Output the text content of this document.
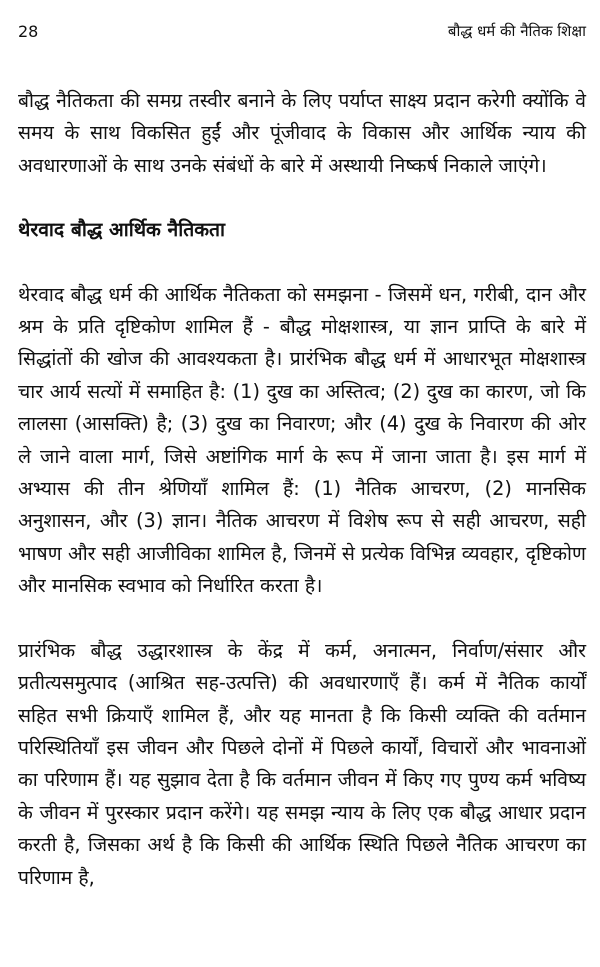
28	बौद्ध धर्म की नैतिक शिक्षा

बौद्ध नैतिकता की समग्र तस्वीर बनाने के लिए पर्याप्त साक्ष्य प्रदान करेगी क्योंकि वे समय के साथ विकसित हुईं और पूंजीवाद के विकास और आर्थिक न्याय की अवधारणाओं के साथ उनके संबंधों के बारे में अस्थायी निष्कर्ष निकाले जाएंगे।

थेरवाद बौद्ध आर्थिक नैतिकता

थेरवाद बौद्ध धर्म की आर्थिक नैतिकता को समझना - जिसमें धन, गरीबी, दान और श्रम के प्रति दृष्टिकोण शामिल हैं - बौद्ध मोक्षशास्त्र, या ज्ञान प्राप्ति के बारे में सिद्धांतों की खोज की आवश्यकता है। प्रारंभिक बौद्ध धर्म में आधारभूत मोक्षशास्त्र चार आर्य सत्यों में समाहित है: (1) दुख का अस्तित्व; (2) दुख का कारण, जो कि लालसा (आसक्ति) है; (3) दुख का निवारण; और (4) दुख के निवारण की ओर ले जाने वाला मार्ग, जिसे अष्टांगिक मार्ग के रूप में जाना जाता है। इस मार्ग में अभ्यास की तीन श्रेणियाँ शामिल हैं: (1) नैतिक आचरण, (2) मानसिक अनुशासन, और (3) ज्ञान। नैतिक आचरण में विशेष रूप से सही आचरण, सही भाषण और सही आजीविका शामिल है, जिनमें से प्रत्येक विभिन्न व्यवहार, दृष्टिकोण और मानसिक स्वभाव को निर्धारित करता है।

प्रारंभिक बौद्ध उद्धारशास्त्र के केंद्र में कर्म, अनात्मन, निर्वाण/संसार और प्रतीत्यसमुत्पाद (आश्रित सह-उत्पत्ति) की अवधारणाएँ हैं। कर्म में नैतिक कार्यों सहित सभी क्रियाएँ शामिल हैं, और यह मानता है कि किसी व्यक्ति की वर्तमान परिस्थितियाँ इस जीवन और पिछले दोनों में पिछले कार्यों, विचारों और भावनाओं का परिणाम हैं। यह सुझाव देता है कि वर्तमान जीवन में किए गए पुण्य कर्म भविष्य के जीवन में पुरस्कार प्रदान करेंगे। यह समझ न्याय के लिए एक बौद्ध आधार प्रदान करती है, जिसका अर्थ है कि किसी की आर्थिक स्थिति पिछले नैतिक आचरण का परिणाम है,
